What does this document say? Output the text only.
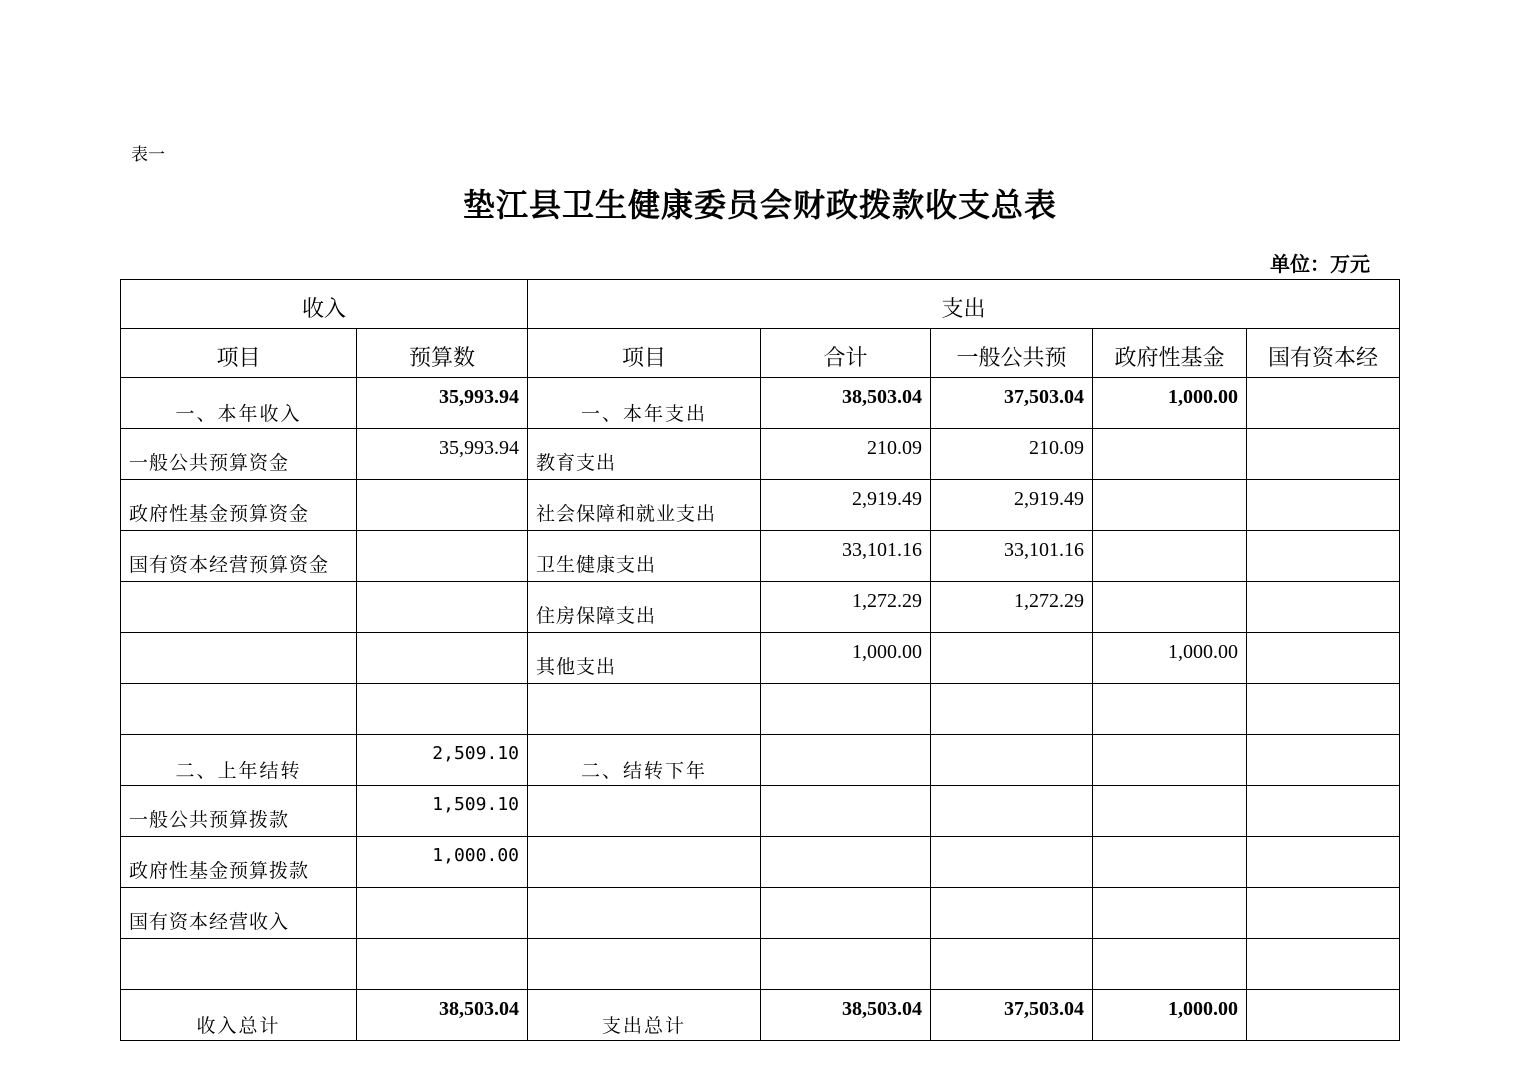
表一
垫江县卫生健康委员会财政拨款收支总表
单位：万元
收入		支出				
项目	预算数	项目	合计	一般公共预	政府性基金	国有资本经
一、本年收入	35,993.94	一、本年支出	38,503.04	37,503.04	1,000.00	
一般公共预算资金	35,993.94	教育支出	210.09	210.09		
政府性基金预算资金		社会保障和就业支出	2,919.49	2,919.49		
国有资本经营预算资金		卫生健康支出	33,101.16	33,101.16		
		住房保障支出	1,272.29	1,272.29		
		其他支出	1,000.00		1,000.00	

二、上年结转	2,509.10	二、结转下年				
一般公共预算拨款	1,509.10					
政府性基金预算拨款	1,000.00					
国有资本经营收入						

收入总计	38,503.04	支出总计	38,503.04	37,503.04	1,000.00	
